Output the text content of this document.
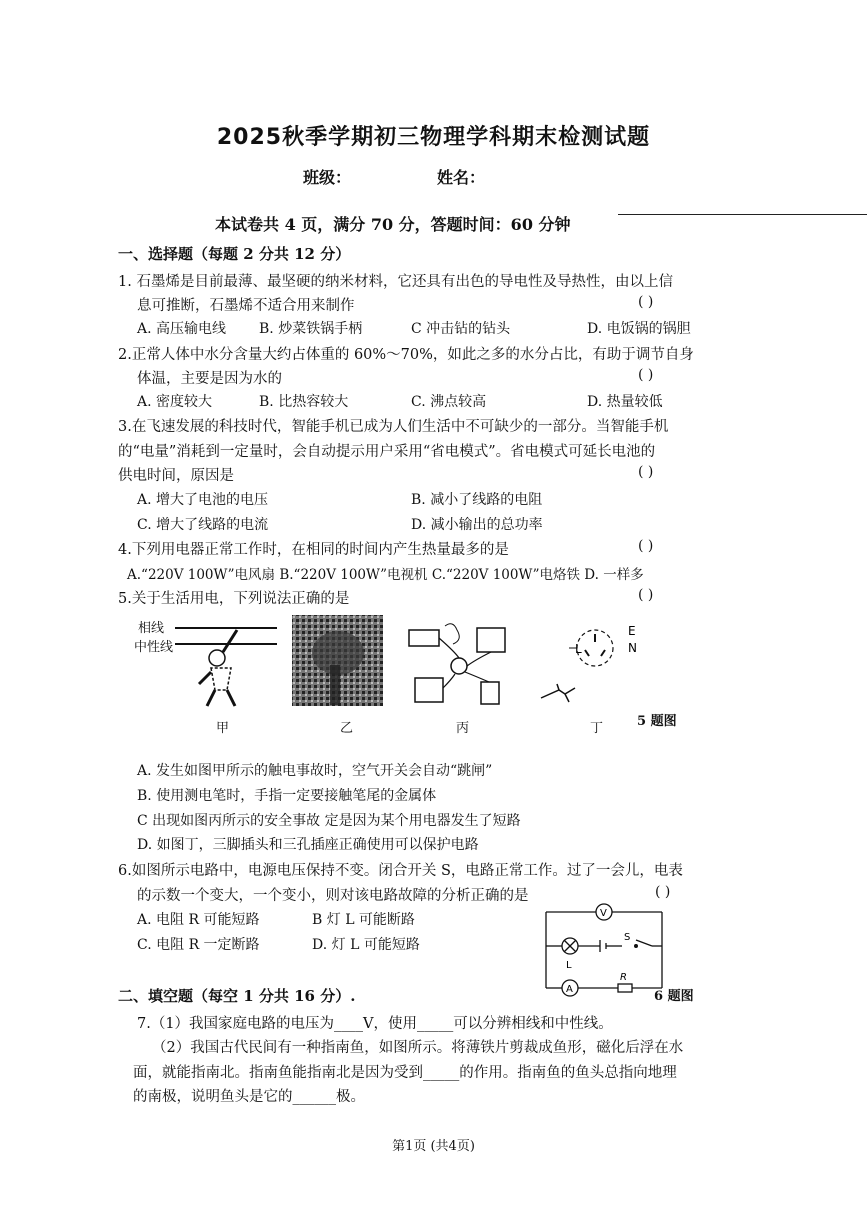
2025秋季学期初三物理学科期末检测试题
班级：	姓名：
本试卷共 4 页，满分 70 分，答题时间：60 分钟
一、选择题（每题 2 分共 12 分）
1. 石墨烯是目前最薄、最坚硬的纳米材料，它还具有出色的导电性及导热性，由以上信
息可推断，石墨烯不适合用来制作	( )
A. 高压输电线 B. 炒菜铁锅手柄	C 冲击钻的钻头	D. 电饭锅的锅胆
2.正常人体中水分含量大约占体重的 60%～70%，如此之多的水分占比，有助于调节自身
体温，主要是因为水的	( )
A. 密度较大	B. 比热容较大	C. 沸点较高	D. 热量较低
3.在飞速发展的科技时代，智能手机已成为人们生活中不可缺少的一部分。当智能手机
的“电量”消耗到一定量时，会自动提示用户采用“省电模式”。省电模式可延长电池的
供电时间，原因是	( )
A. 增大了电池的电压	B. 减小了线路的电阻
C. 增大了线路的电流	D. 减小输出的总功率
4.下列用电器正常工作时，在相同的时间内产生热量最多的是	( )
A.“220V 100W”电风扇 B.“220V 100W”电视机 C.“220V 100W”电烙铁 D. 一样多
5.关于生活用电，下列说法正确的是	( )
相线
中性线	L
E
N
甲	乙	丙	丁	5 题图
A. 发生如图甲所示的触电事故时，空气开关会自动“跳闸”
B. 使用测电笔时，手指一定要接触笔尾的金属体
C 出现如图丙所示的安全事故 定是因为某个用电器发生了短路
D. 如图丁，三脚插头和三孔插座正确使用可以保护电路
6.如图所示电路中，电源电压保持不变。闭合开关 S，电路正常工作。过了一会儿，电表
的示数一个变大，一个变小，则对该电路故障的分析正确的是	( )
A. 电阻 R 可能短路	B 灯 L 可能断路
C. 电阻 R 一定断路	D. 灯 L 可能短路
V
A
L
R
S
6 题图
二、填空题（每空 1 分共 16 分）.
7.（1）我国家庭电路的电压为____V，使用_____可以分辨相线和中性线。
（2）我国古代民间有一种指南鱼，如图所示。将薄铁片剪裁成鱼形，磁化后浮在水
面，就能指南北。指南鱼能指南北是因为受到_____的作用。指南鱼的鱼头总指向地理
的南极，说明鱼头是它的______极。
第1页 (共4页)
